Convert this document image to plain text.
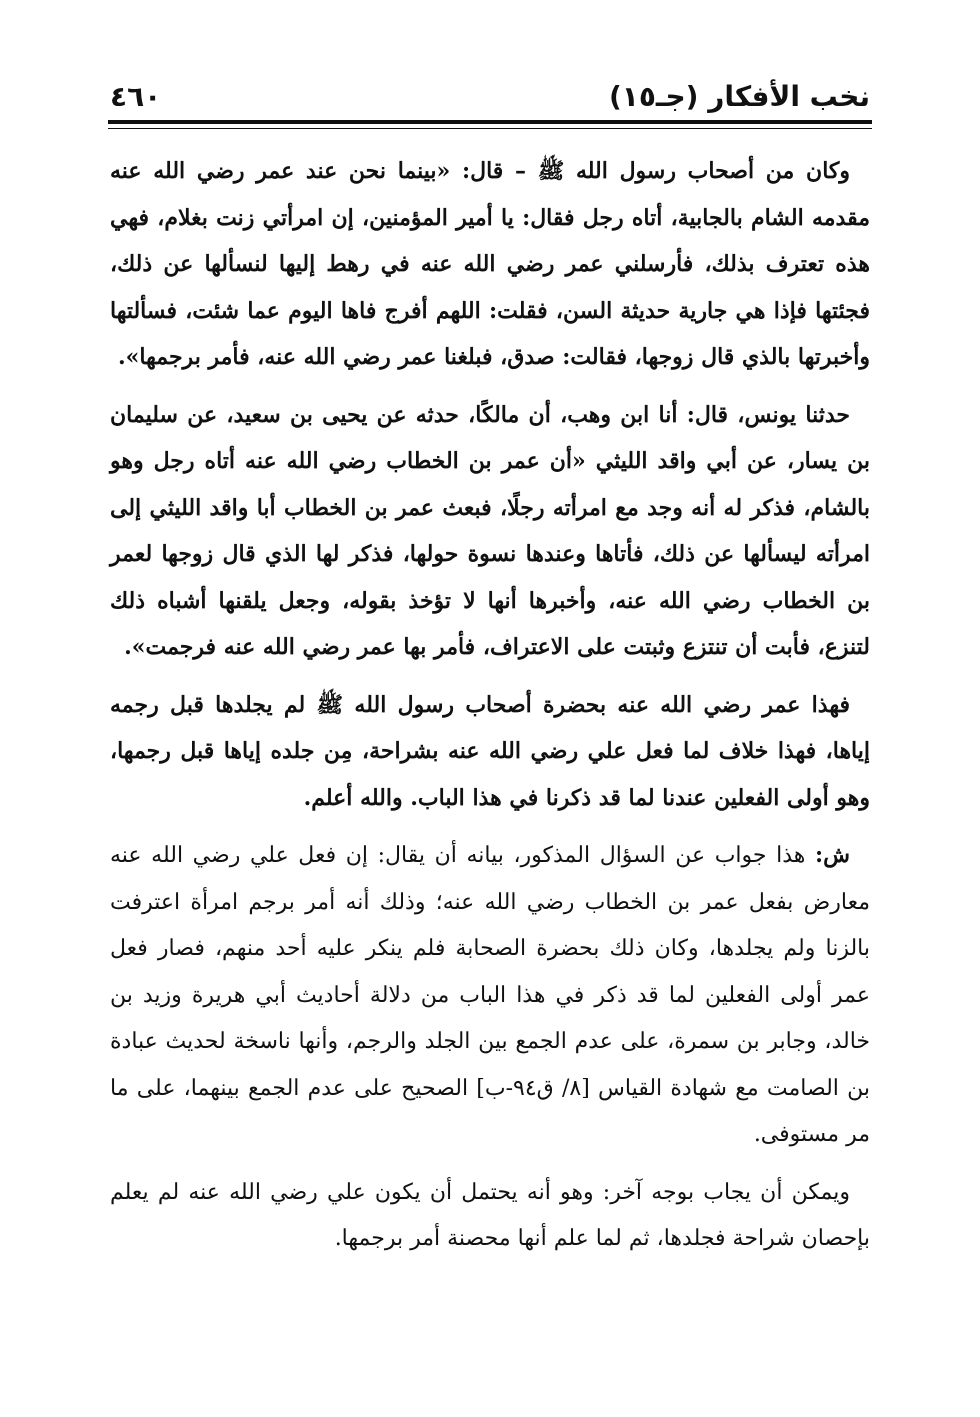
نخب الأفكار (جـ١٥)
٤٦٠

وكان من أصحاب رسول الله ﷺ – قال: «بينما نحن عند عمر رضي الله عنه مقدمه الشام بالجابية، أتاه رجل فقال: يا أمير المؤمنين، إن امرأتي زنت بغلام، فهي هذه تعترف بذلك، فأرسلني عمر رضي الله عنه في رهط إليها لنسألها عن ذلك، فجئتها فإذا هي جارية حديثة السن، فقلت: اللهم أفرج فاها اليوم عما شئت، فسألتها وأخبرتها بالذي قال زوجها، فقالت: صدق، فبلغنا عمر رضي الله عنه، فأمر برجمها».

حدثنا يونس، قال: أنا ابن وهب، أن مالكًا، حدثه عن يحيى بن سعيد، عن سليمان بن يسار، عن أبي واقد الليثي «أن عمر بن الخطاب رضي الله عنه أتاه رجل وهو بالشام، فذكر له أنه وجد مع امرأته رجلًا، فبعث عمر بن الخطاب أبا واقد الليثي إلى امرأته ليسألها عن ذلك، فأتاها وعندها نسوة حولها، فذكر لها الذي قال زوجها لعمر بن الخطاب رضي الله عنه، وأخبرها أنها لا تؤخذ بقوله، وجعل يلقنها أشباه ذلك لتنزع، فأبت أن تنتزع وثبتت على الاعتراف، فأمر بها عمر رضي الله عنه فرجمت».

فهذا عمر رضي الله عنه بحضرة أصحاب رسول الله ﷺ لم يجلدها قبل رجمه إياها، فهذا خلاف لما فعل علي رضي الله عنه بشراحة، مِن جلده إياها قبل رجمها، وهو أولى الفعلين عندنا لما قد ذكرنا في هذا الباب. والله أعلم.

ش: هذا جواب عن السؤال المذكور، بيانه أن يقال: إن فعل علي رضي الله عنه معارض بفعل عمر بن الخطاب رضي الله عنه؛ وذلك أنه أمر برجم امرأة اعترفت بالزنا ولم يجلدها، وكان ذلك بحضرة الصحابة فلم ينكر عليه أحد منهم، فصار فعل عمر أولى الفعلين لما قد ذكر في هذا الباب من دلالة أحاديث أبي هريرة وزيد بن خالد، وجابر بن سمرة، على عدم الجمع بين الجلد والرجم، وأنها ناسخة لحديث عبادة بن الصامت مع شهادة القياس [٨/ ق٩٤-ب] الصحيح على عدم الجمع بينهما، على ما مر مستوفى.

ويمكن أن يجاب بوجه آخر: وهو أنه يحتمل أن يكون علي رضي الله عنه لم يعلم بإحصان شراحة فجلدها، ثم لما علم أنها محصنة أمر برجمها.
